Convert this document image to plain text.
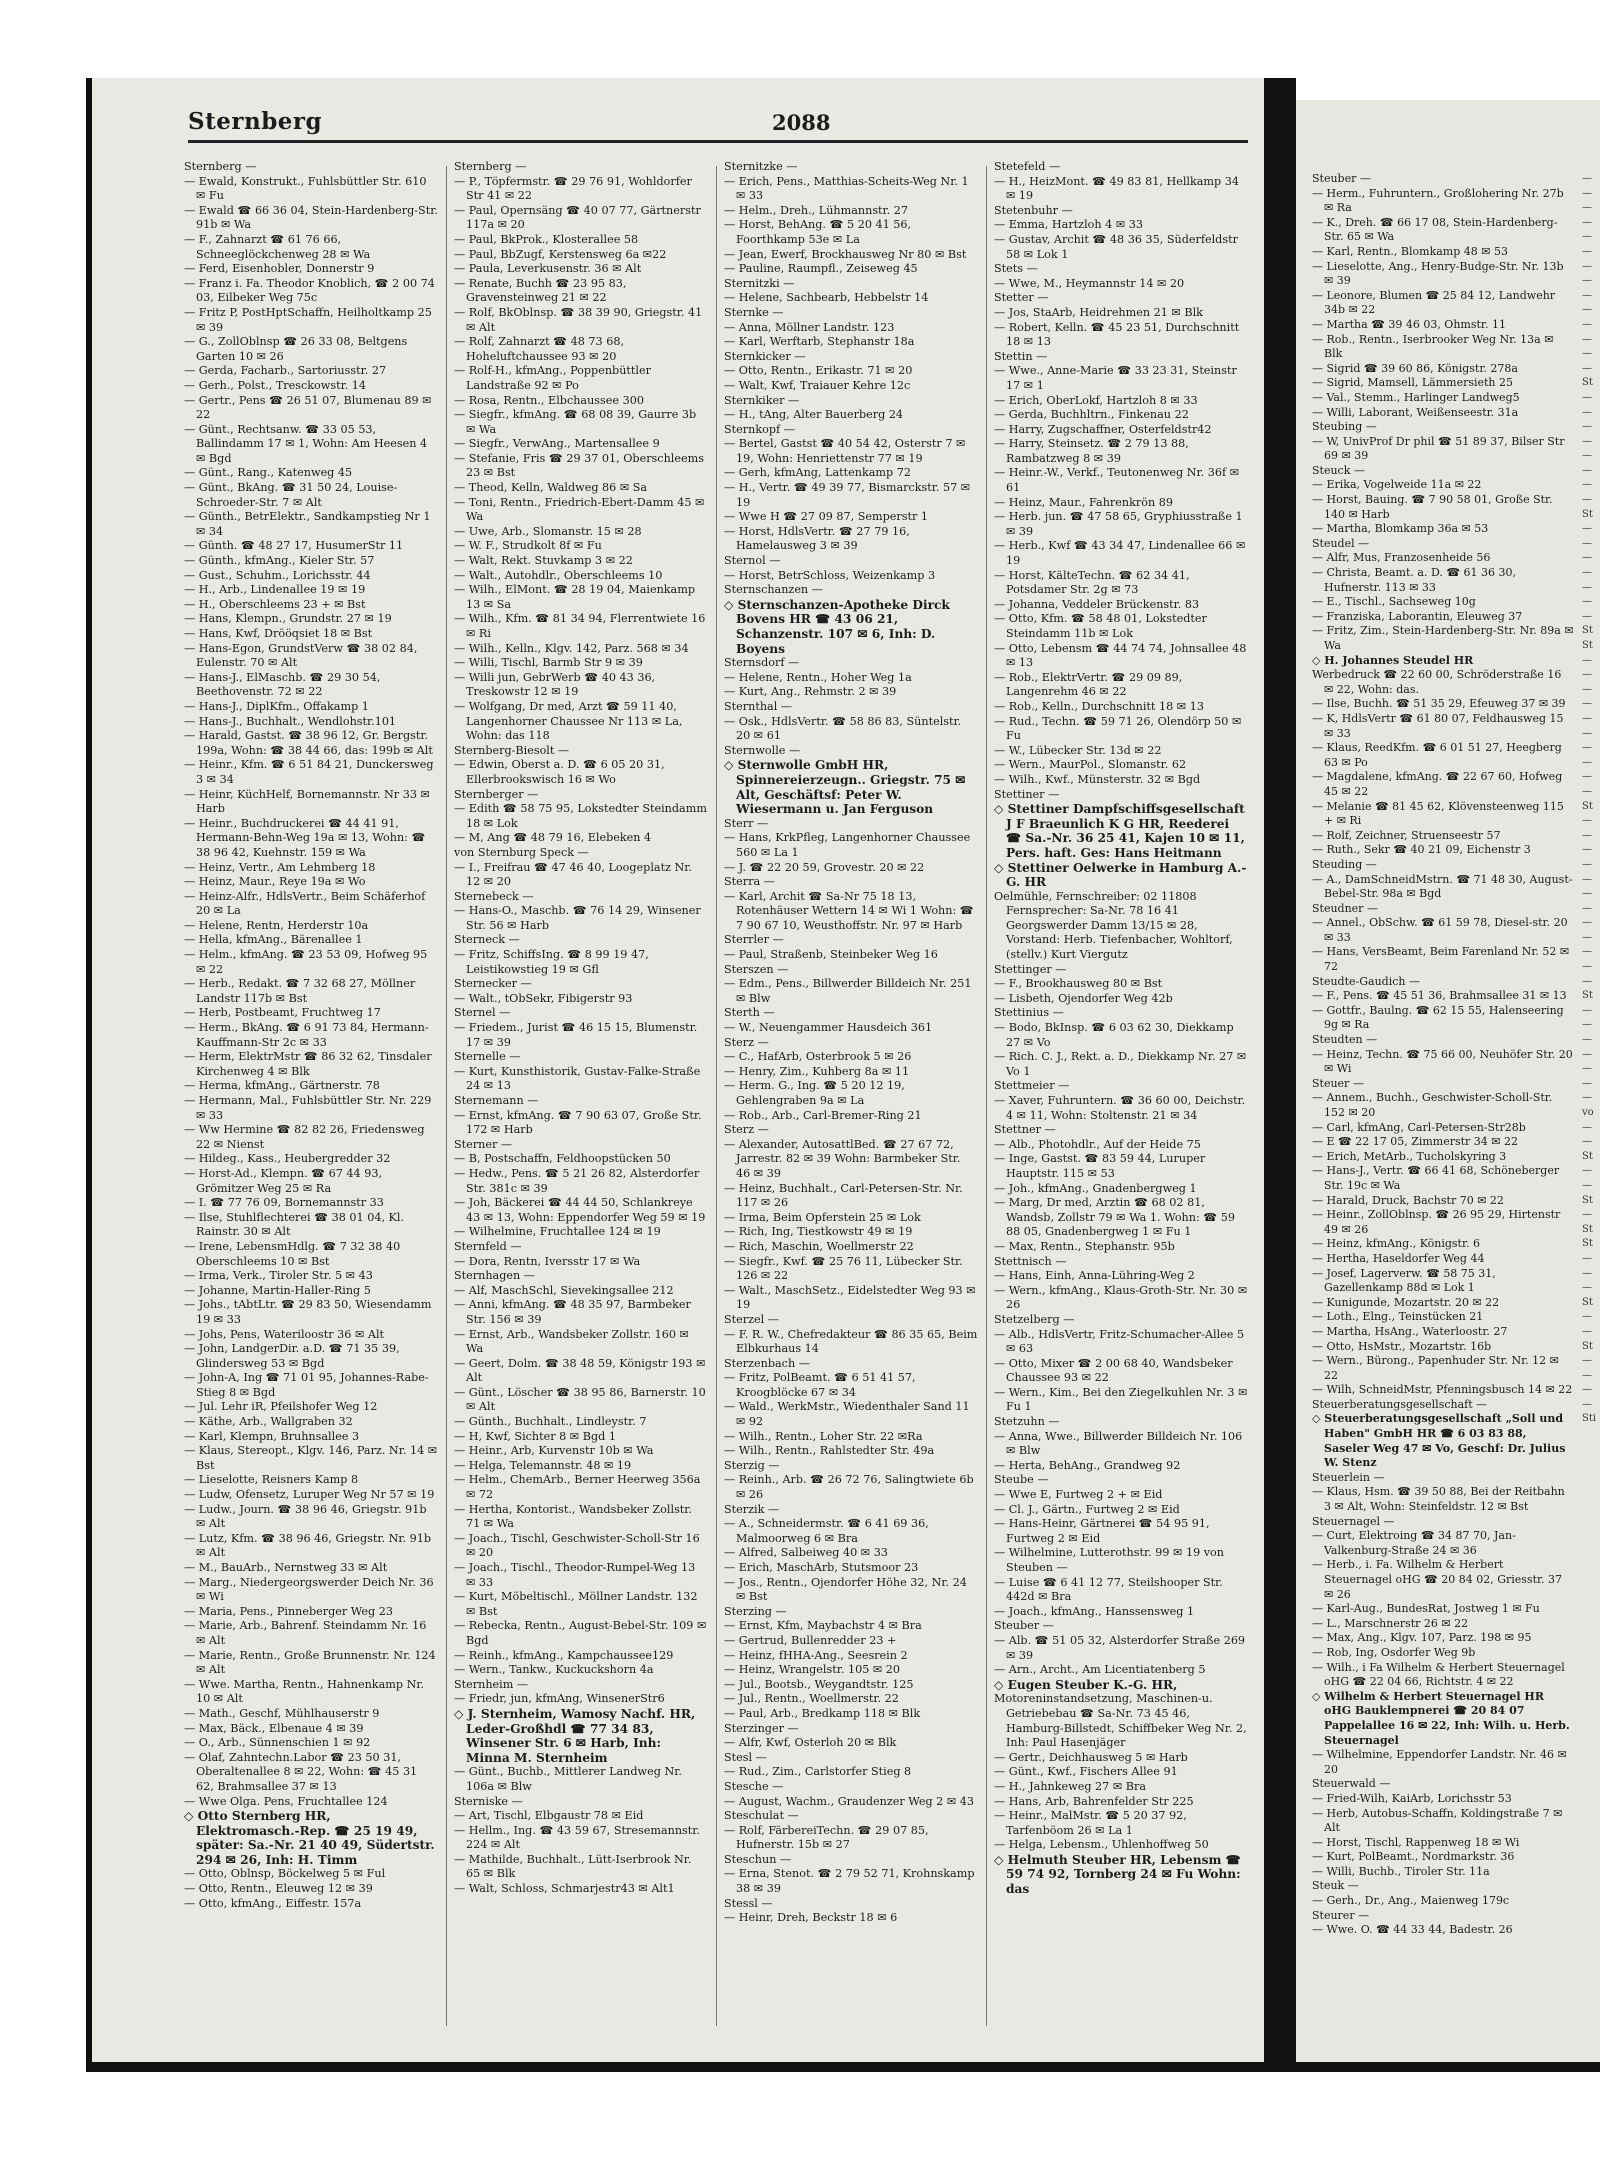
Sternberg	2088

Sternberg —

— Ewald, Konstrukt., Fuhlsbüttler Str. 610 ✉ Fu

— Ewald ☎ 66 36 04, Stein-Hardenberg-Str. 91b ✉ Wa

— F., Zahnarzt ☎ 61 76 66, Schneeglöckchenweg 28 ✉ Wa

— Ferd, Eisenhobler, Donnerstr 9

— Franz i. Fa. Theodor Knoblich, ☎ 2 00 74 03, Eilbeker Weg 75c

— Fritz P, PostHptSchaffn, Heilholtkamp 25 ✉ 39

— G., ZollOblnsp ☎ 26 33 08, Beltgens Garten 10 ✉ 26

— Gerda, Facharb., Sartoriusstr. 27

— Gerh., Polst., Tresckowstr. 14

— Gertr., Pens ☎ 26 51 07, Blumenau 89 ✉ 22

— Günt., Rechtsanw. ☎ 33 05 53, Ballindamm 17 ✉ 1, Wohn: Am Heesen 4 ✉ Bgd

— Günt., Rang., Katenweg 45

— Günt., BkAng. ☎ 31 50 24, Louise-Schroeder-Str. 7 ✉ Alt

— Günth., BetrElektr., Sandkampstieg Nr 1 ✉ 34

— Günth. ☎ 48 27 17, HusumerStr 11

— Günth., kfmAng., Kieler Str. 57

— Gust., Schuhm., Lorichsstr. 44

— H., Arb., Lindenallee 19 ✉ 19

— H., Oberschleems 23 + ✉ Bst

— Hans, Klempn., Grundstr. 27 ✉ 19

— Hans, Kwf, Drööqsiet 18 ✉ Bst

— Hans-Egon, GrundstVerw ☎ 38 02 84, Eulenstr. 70 ✉ Alt

— Hans-J., ElMaschb. ☎ 29 30 54, Beethovenstr. 72 ✉ 22

— Hans-J., DiplKfm., Offakamp 1

— Hans-J., Buchhalt., Wendlohstr.101

— Harald, Gastst. ☎ 38 96 12, Gr. Bergstr. 199a, Wohn: ☎ 38 44 66, das: 199b ✉ Alt

— Heinr., Kfm. ☎ 6 51 84 21, Dunckersweg 3 ✉ 34

— Heinr, KüchHelf, Bornemannstr. Nr 33 ✉ Harb

— Heinr., Buchdruckerei ☎ 44 41 91, Hermann-Behn-Weg 19a ✉ 13, Wohn: ☎ 38 96 42, Kuehnstr. 159 ✉ Wa

— Heinz, Vertr., Am Lehmberg 18

— Heinz, Maur., Reye 19a ✉ Wo

— Heinz-Alfr., HdlsVertr., Beim Schäferhof 20 ✉ La

— Helene, Rentn, Herderstr 10a

— Hella, kfmAng., Bärenallee 1

— Helm., kfmAng. ☎ 23 53 09, Hofweg 95 ✉ 22

— Herb., Redakt. ☎ 7 32 68 27, Möllner Landstr 117b ✉ Bst

— Herb, Postbeamt, Fruchtweg 17

— Herm., BkAng. ☎ 6 91 73 84, Hermann-Kauffmann-Str 2c ✉ 33

— Herm, ElektrMstr ☎ 86 32 62, Tinsdaler Kirchenweg 4 ✉ Blk

— Herma, kfmAng., Gärtnerstr. 78

— Hermann, Mal., Fuhlsbüttler Str. Nr. 229 ✉ 33

— Ww Hermine ☎ 82 82 26, Friedensweg 22 ✉ Nienst

— Hildeg., Kass., Heubergredder 32

— Horst-Ad., Klempn. ☎ 67 44 93, Grömitzer Weg 25 ✉ Ra

— I. ☎ 77 76 09, Bornemannstr 33

— Ilse, Stuhlflechterei ☎ 38 01 04, Kl. Rainstr. 30 ✉ Alt

— Irene, LebensmHdlg. ☎ 7 32 38 40 Oberschleems 10 ✉ Bst

— Irma, Verk., Tiroler Str. 5 ✉ 43

— Johanne, Martin-Haller-Ring 5

— Johs., tAbtLtr. ☎ 29 83 50, Wiesendamm 19 ✉ 33

— Johs, Pens, Wateriloostr 36 ✉ Alt

— John, LandgerDir. a.D. ☎ 71 35 39, Glindersweg 53 ✉ Bgd

— John-A, Ing ☎ 71 01 95, Johannes-Rabe-Stieg 8 ✉ Bgd

— Jul. Lehr iR, Pfeilshofer Weg 12

— Käthe, Arb., Wallgraben 32

— Karl, Klempn, Bruhnsallee 3

— Klaus, Stereopt., Klgv. 146, Parz. Nr. 14 ✉ Bst

— Lieselotte, Reisners Kamp 8

— Ludw, Ofensetz, Luruper Weg Nr 57 ✉ 19

— Ludw., Journ. ☎ 38 96 46, Griegstr. 91b ✉ Alt

— Lutz, Kfm. ☎ 38 96 46, Griegstr. Nr. 91b ✉ Alt

— M., BauArb., Nernstweg 33 ✉ Alt

— Marg., Niedergeorgswerder Deich Nr. 36 ✉ Wi

— Maria, Pens., Pinneberger Weg 23

— Marie, Arb., Bahrenf. Steindamm Nr. 16 ✉ Alt

— Marie, Rentn., Große Brunnenstr. Nr. 124 ✉ Alt

— Wwe. Martha, Rentn., Hahnenkamp Nr. 10 ✉ Alt

— Math., Geschf, Mühlhauserstr 9

— Max, Bäck., Elbenaue 4 ✉ 39

— O., Arb., Sünnenschien 1 ✉ 92

— Olaf, Zahntechn.Labor ☎ 23 50 31, Oberaltenallee 8 ✉ 22, Wohn: ☎ 45 31 62, Brahmsallee 37 ✉ 13

— Wwe Olga. Pens, Fruchtallee 124

◇ Otto Sternberg HR, Elektromasch.-Rep. ☎ 25 19 49, später: Sa.-Nr. 21 40 49, Südertstr. 294 ✉ 26, Inh: H. Timm

— Otto, Oblnsp, Böckelweg 5 ✉ Ful

— Otto, Rentn., Eleuweg 12 ✉ 39

— Otto, kfmAng., Eiffestr. 157a

Sternberg —

— P., Töpfermstr. ☎ 29 76 91, Wohldorfer Str 41 ✉ 22

— Paul, Opernsäng ☎ 40 07 77, Gärtnerstr 117a ✉ 20

— Paul, BkProk., Klosterallee 58

— Paul, BbZugf, Kerstensweg 6a ✉22

— Paula, Leverkusenstr. 36 ✉ Alt

— Renate, Buchh ☎ 23 95 83, Gravensteinweg 21 ✉ 22

— Rolf, BkOblnsp. ☎ 38 39 90, Griegstr. 41 ✉ Alt

— Rolf, Zahnarzt ☎ 48 73 68, Hoheluftchaussee 93 ✉ 20

— Rolf-H., kfmAng., Poppenbüttler Landstraße 92 ✉ Po

— Rosa, Rentn., Elbchaussee 300

— Siegfr., kfmAng. ☎ 68 08 39, Gaurre 3b ✉ Wa

— Siegfr., VerwAng., Martensallee 9

— Stefanie, Fris ☎ 29 37 01, Oberschleems 23 ✉ Bst

— Theod, Kelln, Waldweg 86 ✉ Sa

— Toni, Rentn., Friedrich-Ebert-Damm 45 ✉ Wa

— Uwe, Arb., Slomanstr. 15 ✉ 28

— W. F., Strudkolt 8f ✉ Fu

— Walt, Rekt. Stuvkamp 3 ✉ 22

— Walt., Autohdlr., Oberschleems 10

— Wilh., ElMont. ☎ 28 19 04, Maienkamp 13 ✉ Sa

— Wilh., Kfm. ☎ 81 34 94, Flerrentwiete 16 ✉ Ri

— Wilh., Kelln., Klgv. 142, Parz. 568 ✉ 34

— Willi, Tischl, Barmb Str 9 ✉ 39

— Willi jun, GebrWerb ☎ 40 43 36, Treskowstr 12 ✉ 19

— Wolfgang, Dr med, Arzt ☎ 59 11 40, Langenhorner Chaussee Nr 113 ✉ La, Wohn: das 118

Sternberg-Biesolt —

— Edwin, Oberst a. D. ☎ 6 05 20 31, Ellerbrookswisch 16 ✉ Wo

Sternberger —

— Edith ☎ 58 75 95, Lokstedter Steindamm 18 ✉ Lok

— M, Ang ☎ 48 79 16, Elebeken 4

von Sternburg Speck —

— I., Freifrau ☎ 47 46 40, Loogeplatz Nr. 12 ✉ 20

Sternebeck —

— Hans-O., Maschb. ☎ 76 14 29, Winsener Str. 56 ✉ Harb

Sterneck —

— Fritz, SchiffsIng. ☎ 8 99 19 47, Leistikowstieg 19 ✉ Gfl

Sternecker —

— Walt., tObSekr, Fibigerstr 93

Sternel —

— Friedem., Jurist ☎ 46 15 15, Blumenstr. 17 ✉ 39

Sternelle —

— Kurt, Kunsthistorik, Gustav-Falke-Straße 24 ✉ 13

Sternemann —

— Ernst, kfmAng. ☎ 7 90 63 07, Große Str. 172 ✉ Harb

Sterner —

— B, Postschaffn, Feldhoopstücken 50

— Hedw., Pens. ☎ 5 21 26 82, Alsterdorfer Str. 381c ✉ 39

— Joh, Bäckerei ☎ 44 44 50, Schlankreye 43 ✉ 13, Wohn: Eppendorfer Weg 59 ✉ 19

— Wilhelmine, Fruchtallee 124 ✉ 19

Sternfeld —

— Dora, Rentn, Iversstr 17 ✉ Wa

Sternhagen —

— Alf, MaschSchl, Sievekingsallee 212

— Anni, kfmAng. ☎ 48 35 97, Barmbeker Str. 156 ✉ 39

— Ernst, Arb., Wandsbeker Zollstr. 160 ✉ Wa

— Geert, Dolm. ☎ 38 48 59, Königstr 193 ✉ Alt

— Günt., Löscher ☎ 38 95 86, Barnerstr. 10 ✉ Alt

— Günth., Buchhalt., Lindleystr. 7

— H, Kwf, Sichter 8 ✉ Bgd 1

— Heinr., Arb, Kurvenstr 10b ✉ Wa

— Helga, Telemannstr. 48 ✉ 19

— Helm., ChemArb., Berner Heerweg 356a ✉ 72

— Hertha, Kontorist., Wandsbeker Zollstr. 71 ✉ Wa

— Joach., Tischl, Geschwister-Scholl-Str 16 ✉ 20

— Joach., Tischl., Theodor-Rumpel-Weg 13 ✉ 33

— Kurt, Möbeltischl., Möllner Landstr. 132 ✉ Bst

— Rebecka, Rentn., August-Bebel-Str. 109 ✉ Bgd

— Reinh., kfmAng., Kampchaussee129

— Wern., Tankw., Kuckuckshorn 4a

Sternheim —

— Friedr, jun, kfmAng, WinsenerStr6

◇ J. Sternheim, Wamosy Nachf. HR, Leder-Großhdl ☎ 77 34 83, Winsener Str. 6 ✉ Harb, Inh: Minna M. Sternheim

— Günt., Buchb., Mittlerer Landweg Nr. 106a ✉ Blw

Sterniske —

— Art, Tischl, Elbgaustr 78 ✉ Eid

— Hellm., Ing. ☎ 43 59 67, Stresemannstr. 224 ✉ Alt

— Mathilde, Buchhalt., Lütt-Iserbrook Nr. 65 ✉ Blk

— Walt, Schloss, Schmarjestr43 ✉ Alt1

Sternitzke —

— Erich, Pens., Matthias-Scheits-Weg Nr. 1 ✉ 33

— Helm., Dreh., Lühmannstr. 27

— Horst, BehAng. ☎ 5 20 41 56, Foorthkamp 53e ✉ La

— Jean, Ewerf, Brockhausweg Nr 80 ✉ Bst

— Pauline, Raumpfl., Zeiseweg 45

Sternitzki —

— Helene, Sachbearb, Hebbelstr 14

Sternke —

— Anna, Möllner Landstr. 123

— Karl, Werftarb, Stephanstr 18a

Sternkicker —

— Otto, Rentn., Erikastr. 71 ✉ 20

— Walt, Kwf, Traiauer Kehre 12c

Sternkiker —

— H., tAng, Alter Bauerberg 24

Sternkopf —

— Bertel, Gastst ☎ 40 54 42, Osterstr 7 ✉ 19, Wohn: Henriettenstr 77 ✉ 19

— Gerh, kfmAng, Lattenkamp 72

— H., Vertr. ☎ 49 39 77, Bismarckstr. 57 ✉ 19

— Wwe H ☎ 27 09 87, Semperstr 1

— Horst, HdlsVertr. ☎ 27 79 16, Hamelausweg 3 ✉ 39

Sternol —

— Horst, BetrSchloss, Weizenkamp 3

Sternschanzen —

◇ Sternschanzen-Apotheke Dirck Bovens HR ☎ 43 06 21, Schanzenstr. 107 ✉ 6, Inh: D. Boyens

Sternsdorf —

— Helene, Rentn., Hoher Weg 1a

— Kurt, Ang., Rehmstr. 2 ✉ 39

Sternthal —

— Osk., HdlsVertr. ☎ 58 86 83, Süntelstr. 20 ✉ 61

Sternwolle —

◇ Sternwolle GmbH HR, Spinnereierzeugn.. Griegstr. 75 ✉ Alt, Geschäftsf: Peter W. Wiesermann u. Jan Ferguson

Sterr —

— Hans, KrkPfleg, Langenhorner Chaussee 560 ✉ La 1

— J. ☎ 22 20 59, Grovestr. 20 ✉ 22

Sterra —

— Karl, Archit ☎ Sa-Nr 75 18 13, Rotenhäuser Wettern 14 ✉ Wi 1 Wohn: ☎ 7 90 67 10, Weusthoffstr. Nr. 97 ✉ Harb

Sterrler —

— Paul, Straßenb, Steinbeker Weg 16

Sterszen —

— Edm., Pens., Billwerder Billdeich Nr. 251 ✉ Blw

Sterth —

— W., Neuengammer Hausdeich 361

Sterz —

— C., HafArb, Osterbrook 5 ✉ 26

— Henry, Zim., Kuhberg 8a ✉ 11

— Herm. G., Ing. ☎ 5 20 12 19, Gehlengraben 9a ✉ La

— Rob., Arb., Carl-Bremer-Ring 21

Sterz —

— Alexander, AutosattlBed. ☎ 27 67 72, Jarrestr. 82 ✉ 39 Wohn: Barmbeker Str. 46 ✉ 39

— Heinz, Buchhalt., Carl-Petersen-Str. Nr. 117 ✉ 26

— Irma, Beim Opferstein 25 ✉ Lok

— Rich, Ing, Tiestkowstr 49 ✉ 19

— Rich, Maschin, Woellmerstr 22

— Siegfr., Kwf. ☎ 25 76 11, Lübecker Str. 126 ✉ 22

— Walt., MaschSetz., Eidelstedter Weg 93 ✉ 19

Sterzel —

— F. R. W., Chefredakteur ☎ 86 35 65, Beim Elbkurhaus 14

Sterzenbach —

— Fritz, PolBeamt. ☎ 6 51 41 57, Kroogblöcke 67 ✉ 34

— Wald., WerkMstr., Wiedenthaler Sand 11 ✉ 92

— Wilh., Rentn., Loher Str. 22 ✉Ra

— Wilh., Rentn., Rahlstedter Str. 49a

Sterzig —

— Reinh., Arb. ☎ 26 72 76, Salingtwiete 6b ✉ 26

Sterzik —

— A., Schneidermstr. ☎ 6 41 69 36, Malmoorweg 6 ✉ Bra

— Alfred, Salbeiweg 40 ✉ 33

— Erich, MaschArb, Stutsmoor 23

— Jos., Rentn., Ojendorfer Höhe 32, Nr. 24 ✉ Bst

Sterzing —

— Ernst, Kfm, Maybachstr 4 ✉ Bra

— Gertrud, Bullenredder 23 +

— Heinz, fHHA-Ang., Seesrein 2

— Heinz, Wrangelstr. 105 ✉ 20

— Jul., Bootsb., Weygandtstr. 125

— Jul., Rentn., Woellmerstr. 22

— Paul, Arb., Bredkamp 118 ✉ Blk

Sterzinger —

— Alfr, Kwf, Osterloh 20 ✉ Blk

Stesl —

— Rud., Zim., Carlstorfer Stieg 8

Stesche —

— August, Wachm., Graudenzer Weg 2 ✉ 43

Steschulat —

— Rolf, FärbereiTechn. ☎ 29 07 85, Hufnerstr. 15b ✉ 27

Steschun —

— Erna, Stenot. ☎ 2 79 52 71, Krohnskamp 38 ✉ 39

Stessl —

— Heinr, Dreh, Beckstr 18 ✉ 6

Stetefeld —

— H., HeizMont. ☎ 49 83 81, Hellkamp 34 ✉ 19

Stetenbuhr —

— Emma, Hartzloh 4 ✉ 33

— Gustav, Archit ☎ 48 36 35, Süderfeldstr 58 ✉ Lok 1

Stets —

— Wwe, M., Heymannstr 14 ✉ 20

Stetter —

— Jos, StaArb, Heidrehmen 21 ✉ Blk

— Robert, Kelln. ☎ 45 23 51, Durchschnitt 18 ✉ 13

Stettin —

— Wwe., Anne-Marie ☎ 33 23 31, Steinstr 17 ✉ 1

— Erich, OberLokf, Hartzloh 8 ✉ 33

— Gerda, Buchhltrn., Finkenau 22

— Harry, Zugschaffner, Osterfeldstr42

— Harry, Steinsetz. ☎ 2 79 13 88, Rambatzweg 8 ✉ 39

— Heinr.-W., Verkf., Teutonenweg Nr. 36f ✉ 61

— Heinz, Maur., Fahrenkrön 89

— Herb. jun. ☎ 47 58 65, Gryphiusstraße 1 ✉ 39

— Herb., Kwf ☎ 43 34 47, Lindenallee 66 ✉ 19

— Horst, KälteTechn. ☎ 62 34 41, Potsdamer Str. 2g ✉ 73

— Johanna, Veddeler Brückenstr. 83

— Otto, Kfm. ☎ 58 48 01, Lokstedter Steindamm 11b ✉ Lok

— Otto, Lebensm ☎ 44 74 74, Johnsallee 48 ✉ 13

— Rob., ElektrVertr. ☎ 29 09 89, Langenrehm 46 ✉ 22

— Rob., Kelln., Durchschnitt 18 ✉ 13

— Rud., Techn. ☎ 59 71 26, Olendörp 50 ✉ Fu

— W., Lübecker Str. 13d ✉ 22

— Wern., MaurPol., Slomanstr. 62

— Wilh., Kwf., Münsterstr. 32 ✉ Bgd

Stettiner —

◇ Stettiner Dampfschiffsgesellschaft J F Braeunlich K G HR, Reederei ☎ Sa.-Nr. 36 25 41, Kajen 10 ✉ 11, Pers. haft. Ges: Hans Heitmann

◇ Stettiner Oelwerke in Hamburg A.-G. HR

Oelmühle, Fernschreiber: 02 11808 Fernsprecher: Sa-Nr. 78 16 41 Georgswerder Damm 13/15 ✉ 28, Vorstand: Herb. Tiefenbacher, Wohltorf, (stellv.) Kurt Viergutz

Stettinger —

— F., Brookhausweg 80 ✉ Bst

— Lisbeth, Ojendorfer Weg 42b

Stettinius —

— Bodo, BkInsp. ☎ 6 03 62 30, Diekkamp 27 ✉ Vo

— Rich. C. J., Rekt. a. D., Diekkamp Nr. 27 ✉ Vo 1

Stettmeier —

— Xaver, Fuhruntern. ☎ 36 60 00, Deichstr. 4 ✉ 11, Wohn: Stoltenstr. 21 ✉ 34

Stettner —

— Alb., Photohdlr., Auf der Heide 75

— Inge, Gastst. ☎ 83 59 44, Luruper Hauptstr. 115 ✉ 53

— Joh., kfmAng., Gnadenbergweg 1

— Marg, Dr med, Arztin ☎ 68 02 81, Wandsb, Zollstr 79 ✉ Wa 1. Wohn: ☎ 59 88 05, Gnadenbergweg 1 ✉ Fu 1

— Max, Rentn., Stephanstr. 95b

Stettnisch —

— Hans, Einh, Anna-Lühring-Weg 2

— Wern., kfmAng., Klaus-Groth-Str. Nr. 30 ✉ 26

Stetzelberg —

— Alb., HdlsVertr, Fritz-Schumacher-Allee 5 ✉ 63

— Otto, Mixer ☎ 2 00 68 40, Wandsbeker Chaussee 93 ✉ 22

— Wern., Kim., Bei den Ziegelkuhlen Nr. 3 ✉ Fu 1

Stetzuhn —

— Anna, Wwe., Billwerder Billdeich Nr. 106 ✉ Blw

— Herta, BehAng., Grandweg 92

Steube —

— Wwe E, Furtweg 2 + ✉ Eid

— Cl. J., Gärtn., Furtweg 2 ✉ Eid

— Hans-Heinr, Gärtnerei ☎ 54 95 91, Furtweg 2 ✉ Eid

— Wilhelmine, Lutterothstr. 99 ✉ 19 von Steuben —

— Luise ☎ 6 41 12 77, Steilshooper Str. 442d ✉ Bra

— Joach., kfmAng., Hanssensweg 1

Steuber —

— Alb. ☎ 51 05 32, Alsterdorfer Straße 269 ✉ 39

— Arn., Archt., Am Licentiatenberg 5

◇ Eugen Steuber K.-G. HR,

Motoreninstandsetzung, Maschinen-u. Getriebebau ☎ Sa-Nr. 73 45 46, Hamburg-Billstedt, Schiffbeker Weg Nr. 2, Inh: Paul Hasenjäger

— Gertr., Deichhausweg 5 ✉ Harb

— Günt., Kwf., Fischers Allee 91

— H., Jahnkeweg 27 ✉ Bra

— Hans, Arb, Bahrenfelder Str 225

— Heinr., MalMstr. ☎ 5 20 37 92, Tarfenböom 26 ✉ La 1

— Helga, Lebensm., Uhlenhoffweg 50

◇ Helmuth Steuber HR, Lebensm ☎ 59 74 92, Tornberg 24 ✉ Fu Wohn: das

Steuber —

— Herm., Fuhruntern., Großlohering Nr. 27b ✉ Ra

— K., Dreh. ☎ 66 17 08, Stein-Hardenberg-Str. 65 ✉ Wa

— Karl, Rentn., Blomkamp 48 ✉ 53

— Lieselotte, Ang., Henry-Budge-Str. Nr. 13b ✉ 39

— Leonore, Blumen ☎ 25 84 12, Landwehr 34b ✉ 22

— Martha ☎ 39 46 03, Ohmstr. 11

— Rob., Rentn., Iserbrooker Weg Nr. 13a ✉ Blk

— Sigrid ☎ 39 60 86, Königstr. 278a

— Sigrid, Mamsell, Lämmersieth 25

— Val., Stemm., Harlinger Landweg5

— Willi, Laborant, Weißenseestr. 31a

Steubing —

— W, UnivProf Dr phil ☎ 51 89 37, Bilser Str 69 ✉ 39

Steuck —

— Erika, Vogelweide 11a ✉ 22

— Horst, Bauing. ☎ 7 90 58 01, Große Str. 140 ✉ Harb

— Martha, Blomkamp 36a ✉ 53

Steudel —

— Alfr, Mus, Franzosenheide 56

— Christa, Beamt. a. D. ☎ 61 36 30, Hufnerstr. 113 ✉ 33

— E., Tischl., Sachseweg 10g

— Franziska, Laborantin, Eleuweg 37

— Fritz, Zim., Stein-Hardenberg-Str. Nr. 89a ✉ Wa

◇ H. Johannes Steudel HR

Werbedruck ☎ 22 60 00, Schröderstraße 16 ✉ 22, Wohn: das.

— Ilse, Buchh. ☎ 51 35 29, Efeuweg 37 ✉ 39

— K, HdlsVertr ☎ 61 80 07, Feldhausweg 15 ✉ 33

— Klaus, ReedKfm. ☎ 6 01 51 27, Heegberg 63 ✉ Po

— Magdalene, kfmAng. ☎ 22 67 60, Hofweg 45 ✉ 22

— Melanie ☎ 81 45 62, Klövensteenweg 115 + ✉ Ri

— Rolf, Zeichner, Struenseestr 57

— Ruth., Sekr ☎ 40 21 09, Eichenstr 3

Steuding —

— A., DamSchneidMstrn. ☎ 71 48 30, August-Bebel-Str. 98a ✉ Bgd

Steudner —

— Annel., ObSchw. ☎ 61 59 78, Diesel-str. 20 ✉ 33

— Hans, VersBeamt, Beim Farenland Nr. 52 ✉ 72

Steudte-Gaudich —

— F., Pens. ☎ 45 51 36, Brahmsallee 31 ✉ 13

— Gottfr., Baulng. ☎ 62 15 55, Halenseering 9g ✉ Ra

Steudten —

— Heinz, Techn. ☎ 75 66 00, Neuhöfer Str. 20 ✉ Wi

Steuer —

— Annem., Buchh., Geschwister-Scholl-Str. 152 ✉ 20

— Carl, kfmAng, Carl-Petersen-Str28b

— E ☎ 22 17 05, Zimmerstr 34 ✉ 22

— Erich, MetArb., Tucholskyring 3

— Hans-J., Vertr. ☎ 66 41 68, Schöneberger Str. 19c ✉ Wa

— Harald, Druck, Bachstr 70 ✉ 22

— Heinr., ZollOblnsp. ☎ 26 95 29, Hirtenstr 49 ✉ 26

— Heinz, kfmAng., Königstr. 6

— Hertha, Haseldorfer Weg 44

— Josef, Lagerverw. ☎ 58 75 31, Gazellenkamp 88d ✉ Lok 1

— Kunigunde, Mozartstr. 20 ✉ 22

— Loth., Elng., Teinstücken 21

— Martha, HsAng., Waterloostr. 27

— Otto, HsMstr., Mozartstr. 16b

— Wern., Bürong., Papenhuder Str. Nr. 12 ✉ 22

— Wilh, SchneidMstr, Pfenningsbusch 14 ✉ 22

Steuerberatungsgesellschaft —

◇ Steuerberatungsgesellschaft „Soll und Haben" GmbH HR ☎ 6 03 83 88, Saseler Weg 47 ✉ Vo, Geschf: Dr. Julius W. Stenz

Steuerlein —

— Klaus, Hsm. ☎ 39 50 88, Bei der Reitbahn 3 ✉ Alt, Wohn: Steinfeldstr. 12 ✉ Bst

Steuernagel —

— Curt, Elektroing ☎ 34 87 70, Jan-Valkenburg-Straße 24 ✉ 36

— Herb., i. Fa. Wilhelm & Herbert Steuernagel oHG ☎ 20 84 02, Griesstr. 37 ✉ 26

— Karl-Aug., BundesRat, Jostweg 1 ✉ Fu

— L., Marschnerstr 26 ✉ 22

— Max, Ang., Klgv. 107, Parz. 198 ✉ 95

— Rob, Ing, Osdorfer Weg 9b

— Wilh., i Fa Wilhelm & Herbert Steuernagel oHG ☎ 22 04 66, Richtstr. 4 ✉ 22

◇ Wilhelm & Herbert Steuernagel HR oHG Bauklempnerei ☎ 20 84 07 Pappelallee 16 ✉ 22, Inh: Wilh. u. Herb. Steuernagel

— Wilhelmine, Eppendorfer Landstr. Nr. 46 ✉ 20

Steuerwald —

— Fried-Wilh, KaiArb, Lorichsstr 53

— Herb, Autobus-Schaffn, Koldingstraße 7 ✉ Alt

— Horst, Tischl, Rappenweg 18 ✉ Wi

— Kurt, PolBeamt., Nordmarkstr. 36

— Willi, Buchb., Tiroler Str. 11a

Steuk —

— Gerh., Dr., Ang., Maienweg 179c

Steurer —

— Wwe. O. ☎ 44 33 44, Badestr. 26

—
—
—
—
—
—
—
—
—
—
—
—
—
—
St
—
—
—
—
—
—
—
—
St
—
—
—
—
—
—
—
St
St
—
—
—
—
—
—
—
—
—
—
St
—
—
—
—
—
—
—
—
—
—
—
—
St
—
—
—
—
—
—
—
vo
—
—
St
—
—
St
—
St
St
—
—
—
St
—
—
St
—
—
—
—
Sti
